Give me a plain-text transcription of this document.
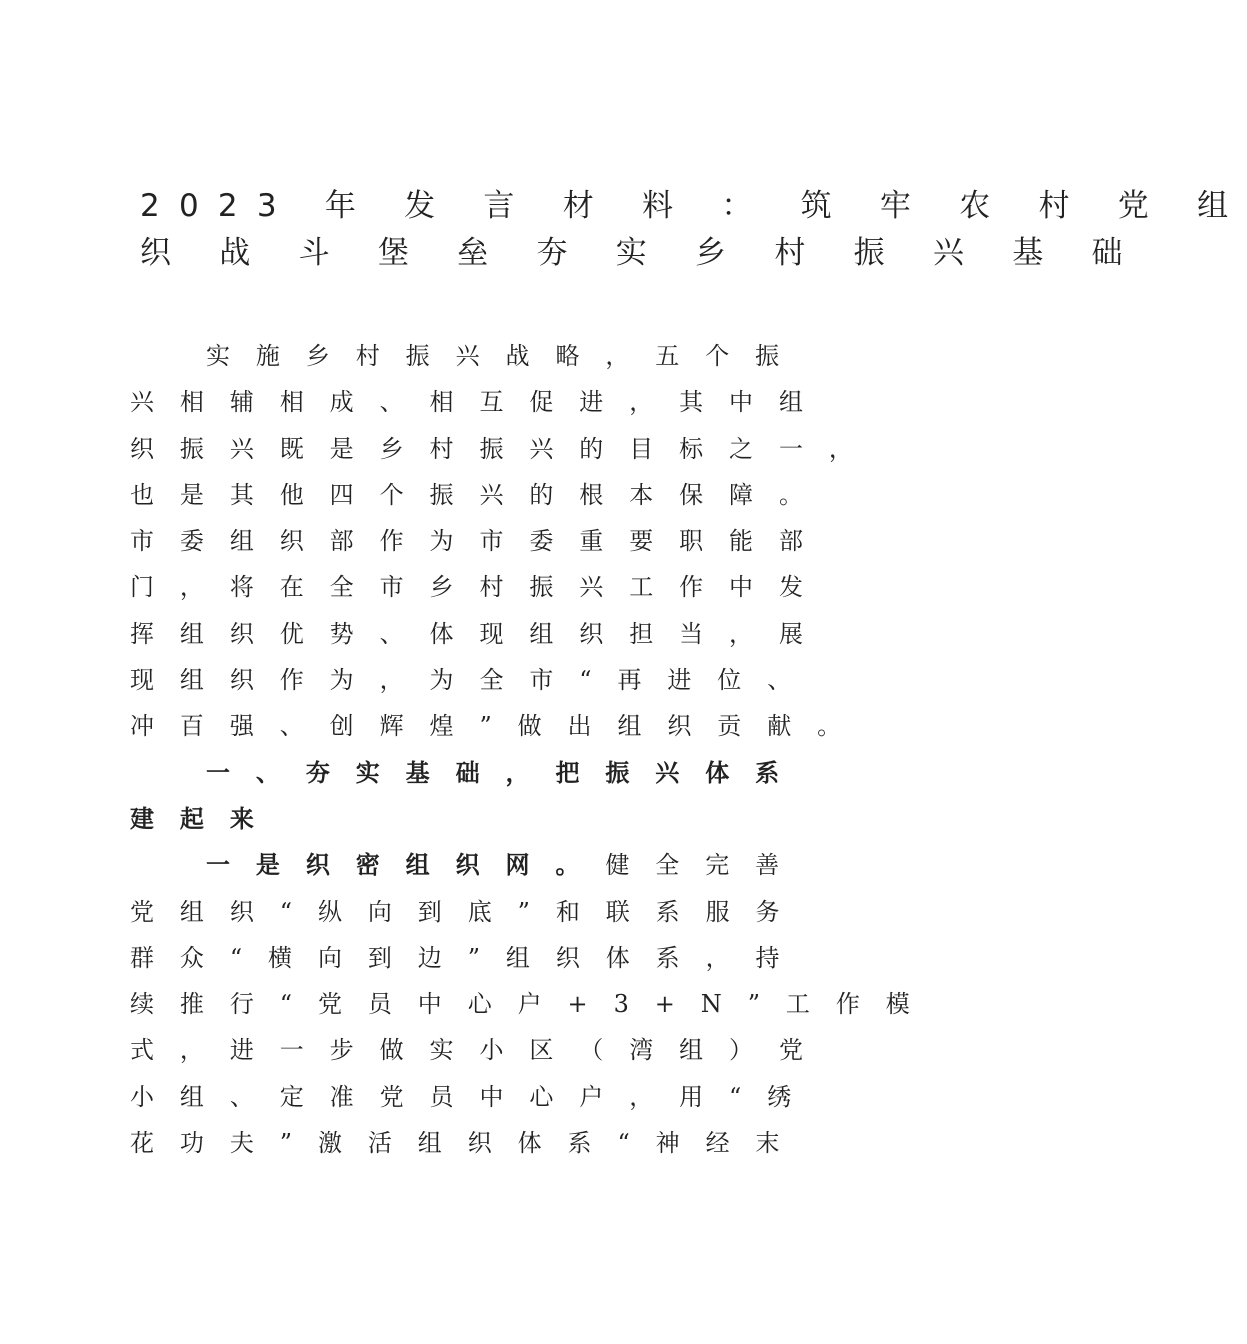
2023 年 发 言 材 料 ： 筑 牢 农 村 党 组
织 战 斗 堡 垒 夯 实 乡 村 振 兴 基 础
实施乡村振兴战略，五个振
兴相辅相成、相互促进，其中组
织振兴既是乡村振兴的目标之一，
也是其他四个振兴的根本保障。
市委组织部作为市委重要职能部
门，将在全市乡村振兴工作中发
挥组织优势、体现组织担当，展
现组织作为，为全市“再进位、
冲百强、创辉煌”做出组织贡献。
一、夯实基础，把振兴体系
建起来
一是织密组织网。健全完善
党组织“纵向到底”和联系服务
群众“横向到边”组织体系，持
续推行“党员中心户+3+N”工作模
式，进一步做实小区（湾组）党
小组、定准党员中心户，用“绣
花功夫”激活组织体系“神经末
